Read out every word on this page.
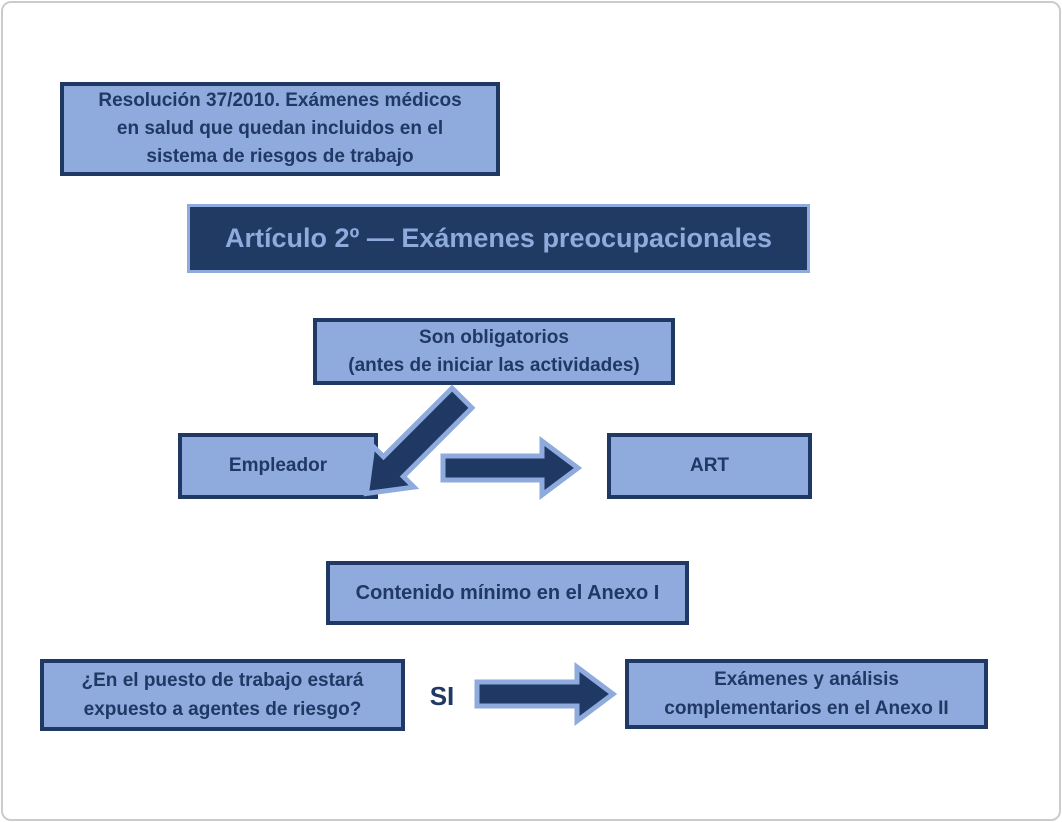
Resolución 37/2010. Exámenes médicos
en salud que quedan incluidos en el
sistema de riesgos de trabajo
Artículo 2º — Exámenes preocupacionales
Son obligatorios
(antes de iniciar las actividades)
Empleador	ART
Contenido mínimo en el Anexo I
¿En el puesto de trabajo estará
expuesto a agentes de riesgo?	SI
Exámenes y análisis
complementarios en el Anexo II
